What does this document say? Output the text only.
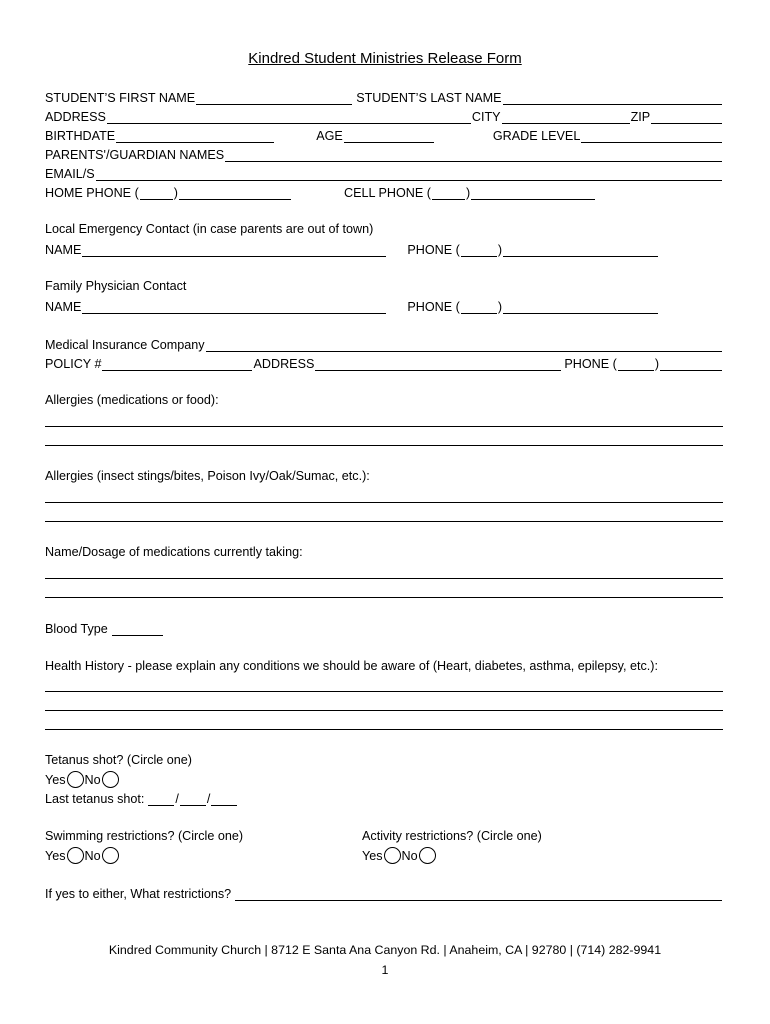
Kindred Student Ministries Release Form
STUDENT’S FIRST NAME	STUDENT’S LAST NAME
ADDRESS	CITY	ZIP
BIRTHDATE	AGE	GRADE LEVEL
PARENTS'/GUARDIAN NAMES
EMAIL/S
HOME PHONE (	)	CELL PHONE (	)
Local Emergency Contact (in case parents are out of town)
NAME	PHONE (	)
Family Physician Contact
NAME	PHONE (	)
Medical Insurance Company
POLICY #	ADDRESS	PHONE (	)
Allergies (medications or food):
Allergies (insect stings/bites, Poison Ivy/Oak/Sumac, etc.):
Name/Dosage of medications currently taking:
Blood Type
Health History - please explain any conditions we should be aware of (Heart, diabetes, asthma, epilepsy, etc.):
Tetanus shot? (Circle one)
Yes No
Last tetanus shot: / /
Swimming restrictions? (Circle one)	Activity restrictions? (Circle one)
Yes No	Yes No
If yes to either, What restrictions?
Kindred Community Church | 8712 E Santa Ana Canyon Rd. | Anaheim, CA | 92780 | (714) 282-9941
1
